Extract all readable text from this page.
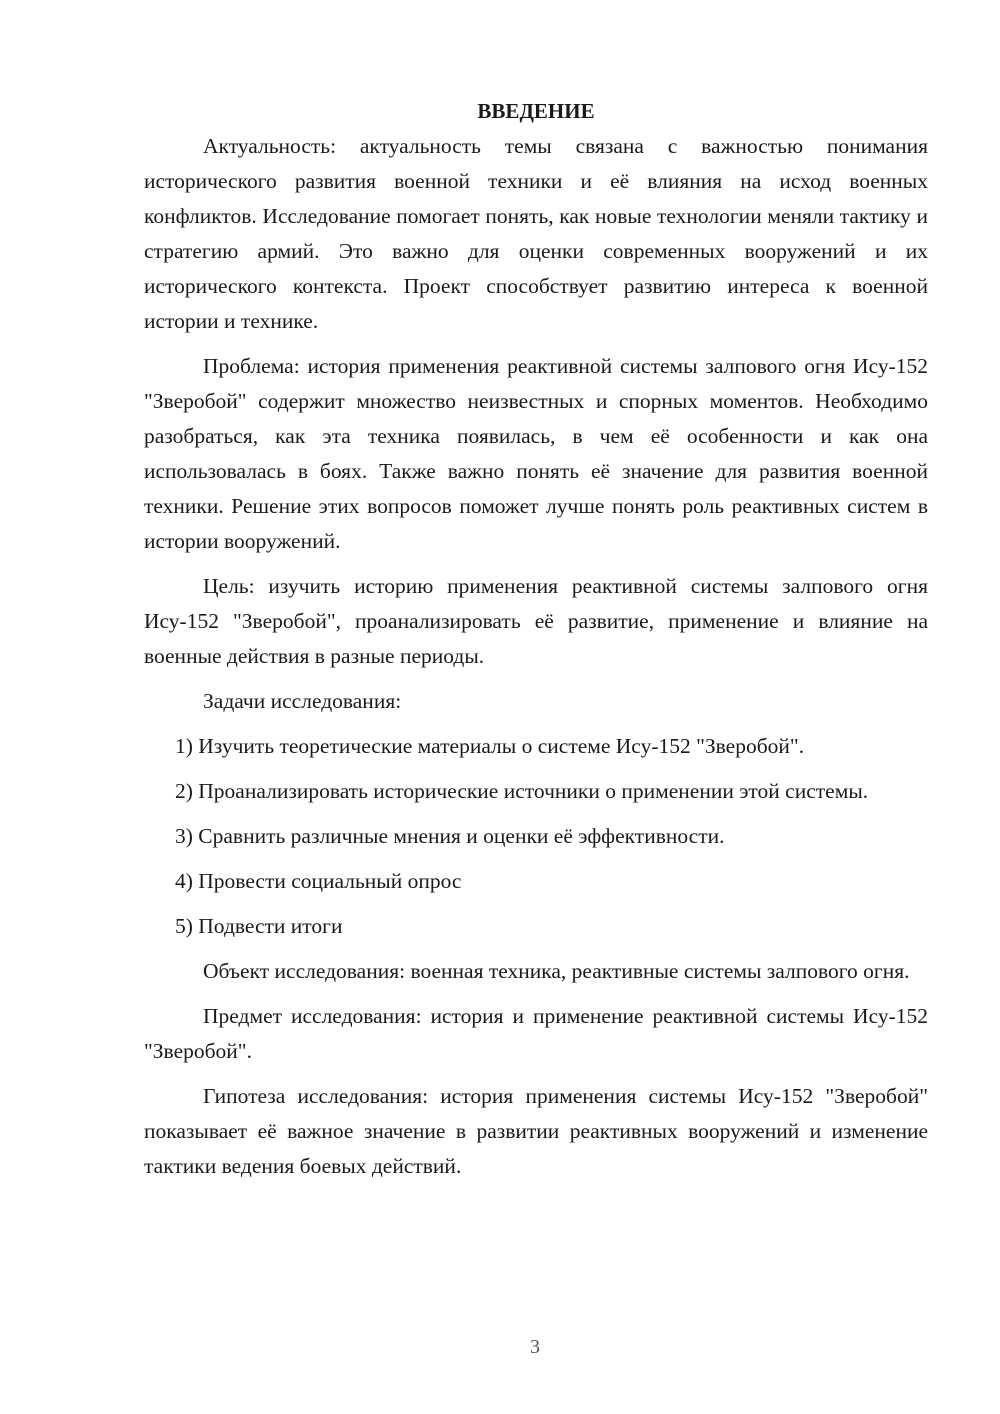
ВВЕДЕНИЕ

Актуальность: актуальность темы связана с важностью понимания исторического развития военной техники и её влияния на исход военных конфликтов. Исследование помогает понять, как новые технологии меняли тактику и стратегию армий. Это важно для оценки современных вооружений и их исторического контекста. Проект способствует развитию интереса к военной истории и технике.

Проблема: история применения реактивной системы залпового огня Ису-152 "Зверобой" содержит множество неизвестных и спорных моментов. Необходимо разобраться, как эта техника появилась, в чем её особенности и как она использовалась в боях. Также важно понять её значение для развития военной техники. Решение этих вопросов поможет лучше понять роль реактивных систем в истории вооружений.

Цель: изучить историю применения реактивной системы залпового огня Ису-152 "Зверобой", проанализировать её развитие, применение и влияние на военные действия в разные периоды.

Задачи исследования:

1) Изучить теоретические материалы о системе Ису-152 "Зверобой".

2) Проанализировать исторические источники о применении этой системы.

3) Сравнить различные мнения и оценки её эффективности.

4) Провести социальный опрос

5) Подвести итоги

Объект исследования: военная техника, реактивные системы залпового огня.

Предмет исследования: история и применение реактивной системы Ису-152 "Зверобой".

Гипотеза исследования: история применения системы Ису-152 "Зверобой" показывает её важное значение в развитии реактивных вооружений и изменение тактики ведения боевых действий.

3
